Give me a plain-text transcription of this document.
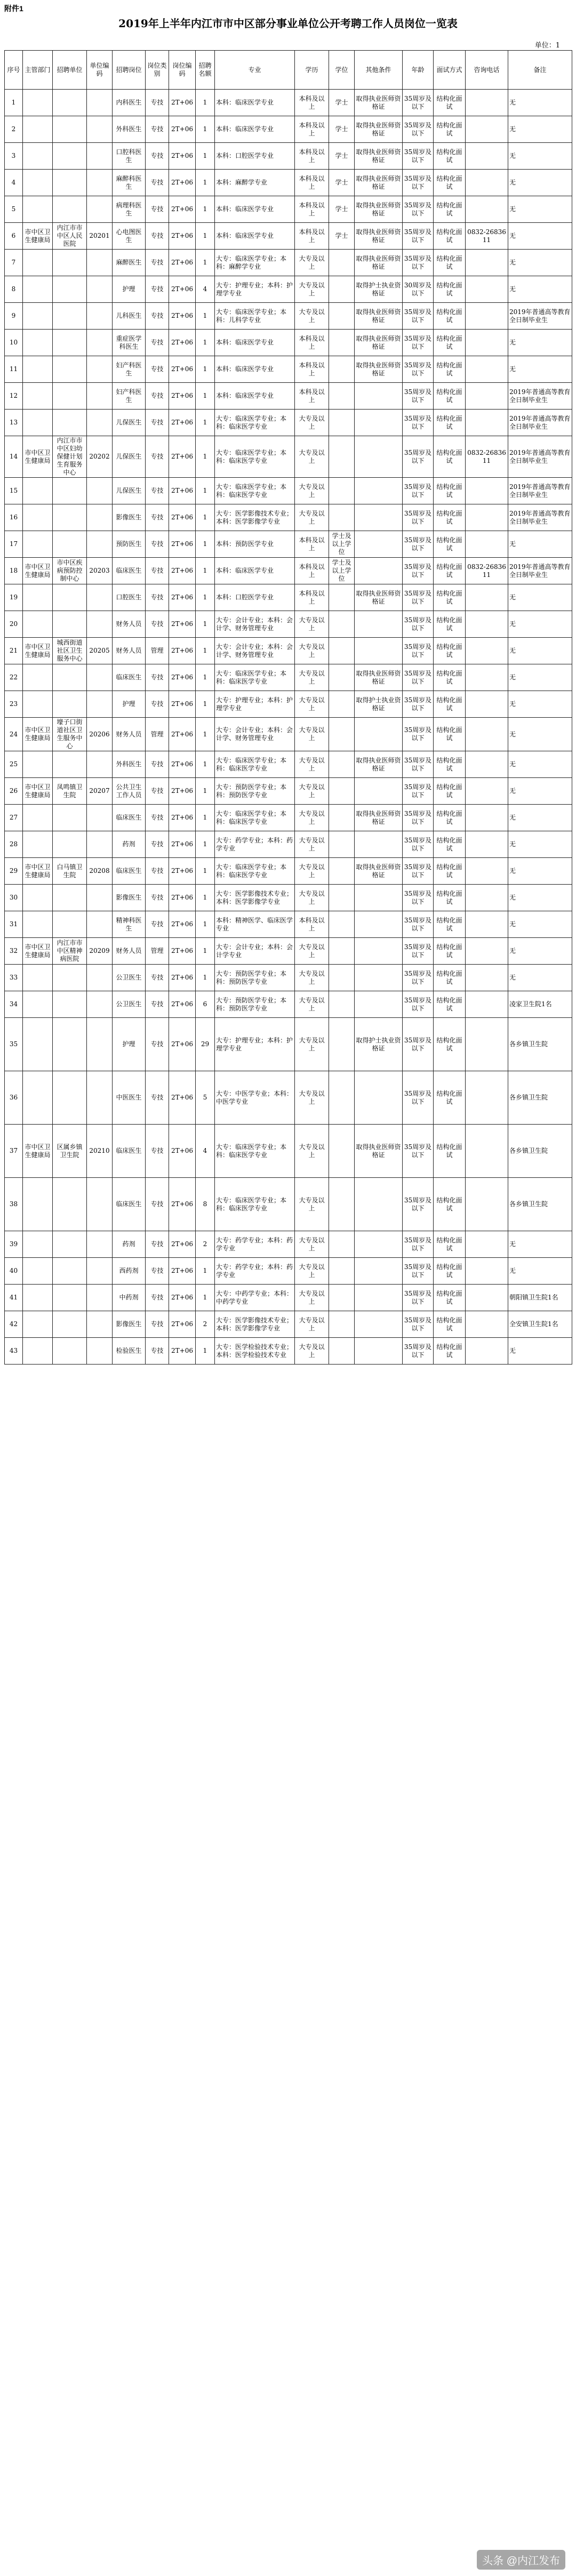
附件1
2019年上半年内江市市中区部分事业单位公开考聘工作人员岗位一览表
单位：1
序号	主管部门	招聘单位	单位编码	招聘岗位	岗位类别	岗位编码	招聘名额	专业	学历	学位	其他条件	年龄	面试方式	咨询电话	备注
1				内科医生	专技	2T+06	1	本科：临床医学专业	本科及以上	学士	取得执业医师资格证	35周岁及以下	结构化面试		无
2				外科医生	专技	2T+06	1	本科：临床医学专业	本科及以上	学士	取得执业医师资格证	35周岁及以下	结构化面试		无
3				口腔科医生	专技	2T+06	1	本科：口腔医学专业	本科及以上	学士	取得执业医师资格证	35周岁及以下	结构化面试		无
4				麻醉科医生	专技	2T+06	1	本科：麻醉学专业	本科及以上	学士	取得执业医师资格证	35周岁及以下	结构化面试		无
5				病理科医生	专技	2T+06	1	本科：临床医学专业	本科及以上	学士	取得执业医师资格证	35周岁及以下	结构化面试		无
6	市中区卫生健康局	内江市市中区人民医院	20201	心电图医生	专技	2T+06	1	本科：临床医学专业	本科及以上	学士	取得执业医师资格证	35周岁及以下	结构化面试	0832-2683611	无
7				麻醉医生	专技	2T+06	1	大专：临床医学专业；本科：麻醉学专业	大专及以上		取得执业医师资格证	35周岁及以下	结构化面试		无
8				护理	专技	2T+06	4	大专：护理专业；本科：护理学专业	大专及以上		取得护士执业资格证	30周岁及以下	结构化面试		无
9				儿科医生	专技	2T+06	1	大专：临床医学专业；本科：儿科学专业	大专及以上		取得执业医师资格证	35周岁及以下	结构化面试		2019年普通高等教育全日制毕业生
10				重症医学科医生	专技	2T+06	1	本科：临床医学专业	本科及以上		取得执业医师资格证	35周岁及以下	结构化面试		无
11				妇产科医生	专技	2T+06	1	本科：临床医学专业	本科及以上		取得执业医师资格证	35周岁及以下	结构化面试		无
12				妇产科医生	专技	2T+06	1	本科：临床医学专业	本科及以上			35周岁及以下	结构化面试		2019年普通高等教育全日制毕业生
13				儿保医生	专技	2T+06	1	大专：临床医学专业；本科：临床医学专业	大专及以上			35周岁及以下	结构化面试		2019年普通高等教育全日制毕业生
14	市中区卫生健康局	内江市市中区妇幼保健计划生育服务中心	20202	儿保医生	专技	2T+06	1	大专：临床医学专业；本科：临床医学专业	大专及以上			35周岁及以下	结构化面试	0832-2683611	2019年普通高等教育全日制毕业生
15				儿保医生	专技	2T+06	1	大专：临床医学专业；本科：临床医学专业	大专及以上			35周岁及以下	结构化面试		2019年普通高等教育全日制毕业生
16				影像医生	专技	2T+06	1	大专：医学影像技术专业；本科：医学影像学专业	大专及以上			35周岁及以下	结构化面试		2019年普通高等教育全日制毕业生
17				预防医生	专技	2T+06	1	本科：预防医学专业	本科及以上	学士及以上学位		35周岁及以下	结构化面试		无
18	市中区卫生健康局	市中区疾病预防控制中心	20203	临床医生	专技	2T+06	1	本科：临床医学专业	本科及以上	学士及以上学位		35周岁及以下	结构化面试	0832-2683611	2019年普通高等教育全日制毕业生
19				口腔医生	专技	2T+06	1	本科：口腔医学专业	本科及以上		取得执业医师资格证	35周岁及以下	结构化面试		无
20				财务人员	专技	2T+06	1	大专：会计专业；本科：会计学、财务管理专业	大专及以上			35周岁及以下	结构化面试		无
21	市中区卫生健康局	城西街道社区卫生服务中心	20205	财务人员	管理	2T+06	1	大专：会计专业；本科：会计学、财务管理专业	大专及以上			35周岁及以下	结构化面试		无
22				临床医生	专技	2T+06	1	大专：临床医学专业；本科：临床医学专业	大专及以上		取得执业医师资格证	35周岁及以下	结构化面试		无
23				护理	专技	2T+06	1	大专：护理专业；本科：护理学专业	大专及以上		取得护士执业资格证	35周岁及以下	结构化面试		无
24	市中区卫生健康局	壕子口街道社区卫生服务中心	20206	财务人员	管理	2T+06	1	大专：会计专业；本科：会计学、财务管理专业	大专及以上			35周岁及以下	结构化面试		无
25				外科医生	专技	2T+06	1	大专：临床医学专业；本科：临床医学专业	大专及以上		取得执业医师资格证	35周岁及以下	结构化面试		无
26	市中区卫生健康局	凤鸣镇卫生院	20207	公共卫生工作人员	专技	2T+06	1	大专：预防医学专业；本科：预防医学专业	大专及以上			35周岁及以下	结构化面试		无
27				临床医生	专技	2T+06	1	大专：临床医学专业；本科：临床医学专业	大专及以上		取得执业医师资格证	35周岁及以下	结构化面试		无
28				药剂	专技	2T+06	1	大专：药学专业；本科：药学专业	大专及以上			35周岁及以下	结构化面试		无
29	市中区卫生健康局	白马镇卫生院	20208	临床医生	专技	2T+06	1	大专：临床医学专业；本科：临床医学专业	大专及以上		取得执业医师资格证	35周岁及以下	结构化面试		无
30				影像医生	专技	2T+06	1	大专：医学影像技术专业；本科：医学影像学专业	大专及以上			35周岁及以下	结构化面试		无
31				精神科医生	专技	2T+06	1	本科：精神医学、临床医学专业	本科及以上			35周岁及以下	结构化面试		无
32	市中区卫生健康局	内江市市中区精神病医院	20209	财务人员	管理	2T+06	1	大专：会计专业；本科：会计学专业	大专及以上			35周岁及以下	结构化面试		无
33				公卫医生	专技	2T+06	1	大专：预防医学专业；本科：预防医学专业	大专及以上			35周岁及以下	结构化面试		无
34				公卫医生	专技	2T+06	6	大专：预防医学专业；本科：预防医学专业	大专及以上			35周岁及以下	结构化面试		凌家卫生院1名
35				护理	专技	2T+06	29	大专：护理专业；本科：护理学专业	大专及以上		取得护士执业资格证	35周岁及以下	结构化面试		各乡镇卫生院
36				中医医生	专技	2T+06	5	大专：中医学专业；本科：中医学专业	大专及以上			35周岁及以下	结构化面试		各乡镇卫生院
37	市中区卫生健康局	区属乡镇卫生院	20210	临床医生	专技	2T+06	4	大专：临床医学专业；本科：临床医学专业	大专及以上		取得执业医师资格证	35周岁及以下	结构化面试		各乡镇卫生院
38				临床医生	专技	2T+06	8	大专：临床医学专业；本科：临床医学专业	大专及以上			35周岁及以下	结构化面试		各乡镇卫生院
39				药剂	专技	2T+06	2	大专：药学专业；本科：药学专业	大专及以上			35周岁及以下	结构化面试		无
40				西药剂	专技	2T+06	1	大专：药学专业；本科：药学专业	大专及以上			35周岁及以下	结构化面试		无
41				中药剂	专技	2T+06	1	大专：中药学专业；本科：中药学专业	大专及以上			35周岁及以下	结构化面试		朝阳镇卫生院1名
42				影像医生	专技	2T+06	2	大专：医学影像技术专业；本科：医学影像学专业	大专及以上			35周岁及以下	结构化面试		全安镇卫生院1名
43				检验医生	专技	2T+06	1	大专：医学检验技术专业；本科：医学检验技术专业	大专及以上			35周岁及以下	结构化面试		无
头条 @内江发布
